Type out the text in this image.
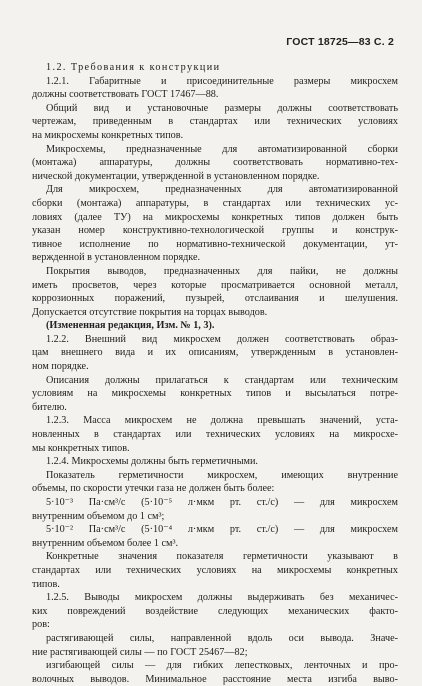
ГОСТ 18725—83 С. 2
1.2. Требования к конструкции
1.2.1. Габаритные и присоединительные размеры микросхем
должны соответствовать ГОСТ 17467—88.
Общий вид и установочные размеры должны соответствовать
чертежам, приведенным в стандартах или технических условиях
на микросхемы конкретных типов.
Микросхемы, предназначенные для автоматизированной сборки
(монтажа) аппаратуры, должны соответствовать нормативно-тех-
нической документации, утвержденной в установленном порядке.
Для микросхем, предназначенных для автоматизированной
сборки (монтажа) аппаратуры, в стандартах или технических ус-
ловиях (далее ТУ) на микросхемы конкретных типов должен быть
указан номер конструктивно-технологической группы и конструк-
тивное исполнение по нормативно-технической документации, ут-
вержденной в установленном порядке.
Покрытия выводов, предназначенных для пайки, не должны
иметь просветов, через которые просматривается основной металл,
коррозионных поражений, пузырей, отслаивания и шелушения.
Допускается отсутствие покрытия на торцах выводов.
(Измененная редакция, Изм. № 1, 3).
1.2.2. Внешний вид микросхем должен соответствовать образ-
цам внешнего вида и их описаниям, утвержденным в установлен-
ном порядке.
Описания должны прилагаться к стандартам или техническим
условиям на микросхемы конкретных типов и высылаться потре-
бителю.
1.2.3. Масса микросхем не должна превышать значений, уста-
новленных в стандартах или технических условиях на микросхе-
мы конкретных типов.
1.2.4. Микросхемы должны быть герметичными.
Показатель герметичности микросхем, имеющих внутренние
объемы, по скорости утечки газа не должен быть более:
5·10⁻³ Па·см³/с (5·10⁻⁵ л·мкм рт. ст./с) — для микросхем
внутренним объемом до 1 см³;
5·10⁻² Па·см³/с (5·10⁻⁴ л·мкм рт. ст./с) — для микросхем
внутренним объемом более 1 см³.
Конкретные значения показателя герметичности указывают в
стандартах или технических условиях на микросхемы конкретных
типов.
1.2.5. Выводы микросхем должны выдерживать без механичес-
ких повреждений воздействие следующих механических факто-
ров:
растягивающей силы, направленной вдоль оси вывода. Значе-
ние растягивающей силы — по ГОСТ 25467—82;
изгибающей силы — для гибких лепестковых, ленточных и про-
волочных выводов. Минимальное расстояние места изгиба выво-
